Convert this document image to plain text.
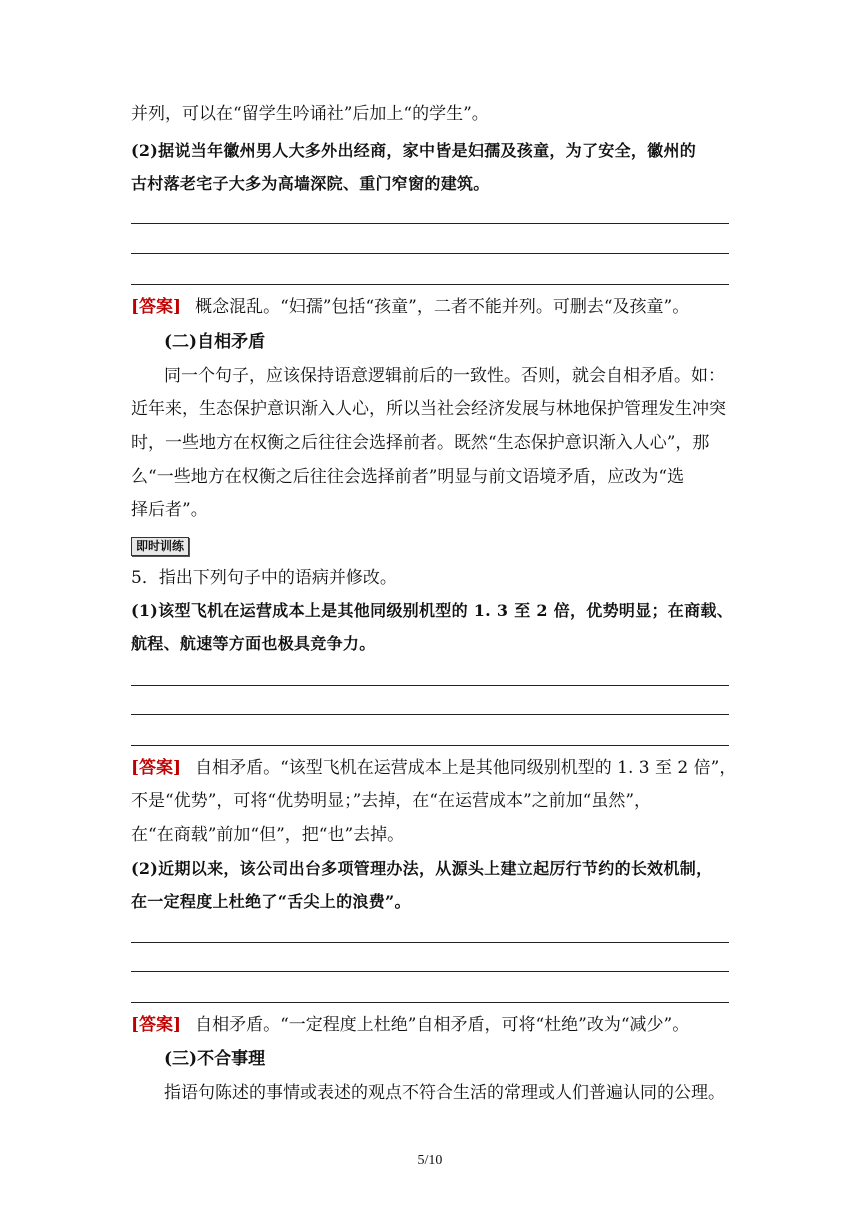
并列，可以在“留学生吟诵社”后加上“的学生”。
(2)据说当年徽州男人大多外出经商，家中皆是妇孺及孩童，为了安全，徽州的
古村落老宅子大多为高墙深院、重门窄窗的建筑。
[答案] 概念混乱。“妇孺”包括“孩童”，二者不能并列。可删去“及孩童”。
(二)自相矛盾
同一个句子，应该保持语意逻辑前后的一致性。否则，就会自相矛盾。如：
近年来，生态保护意识渐入人心，所以当社会经济发展与林地保护管理发生冲突
时，一些地方在权衡之后往往会选择前者。既然“生态保护意识渐入人心”，那
么“一些地方在权衡之后往往会选择前者”明显与前文语境矛盾，应改为“选
择后者”。
即时训练
5．指出下列句子中的语病并修改。
(1)该型飞机在运营成本上是其他同级别机型的 1. 3 至 2 倍，优势明显；在商载、
航程、航速等方面也极具竞争力。
[答案] 自相矛盾。“该型飞机在运营成本上是其他同级别机型的 1. 3 至 2 倍”，
不是“优势”，可将“优势明显；”去掉，在“在运营成本”之前加“虽然”，
在“在商载”前加“但”，把“也”去掉。
(2)近期以来，该公司出台多项管理办法，从源头上建立起厉行节约的长效机制，
在一定程度上杜绝了“舌尖上的浪费”。
[答案] 自相矛盾。“一定程度上杜绝”自相矛盾，可将“杜绝”改为“减少”。
(三)不合事理
指语句陈述的事情或表述的观点不符合生活的常理或人们普遍认同的公理。
5/10
